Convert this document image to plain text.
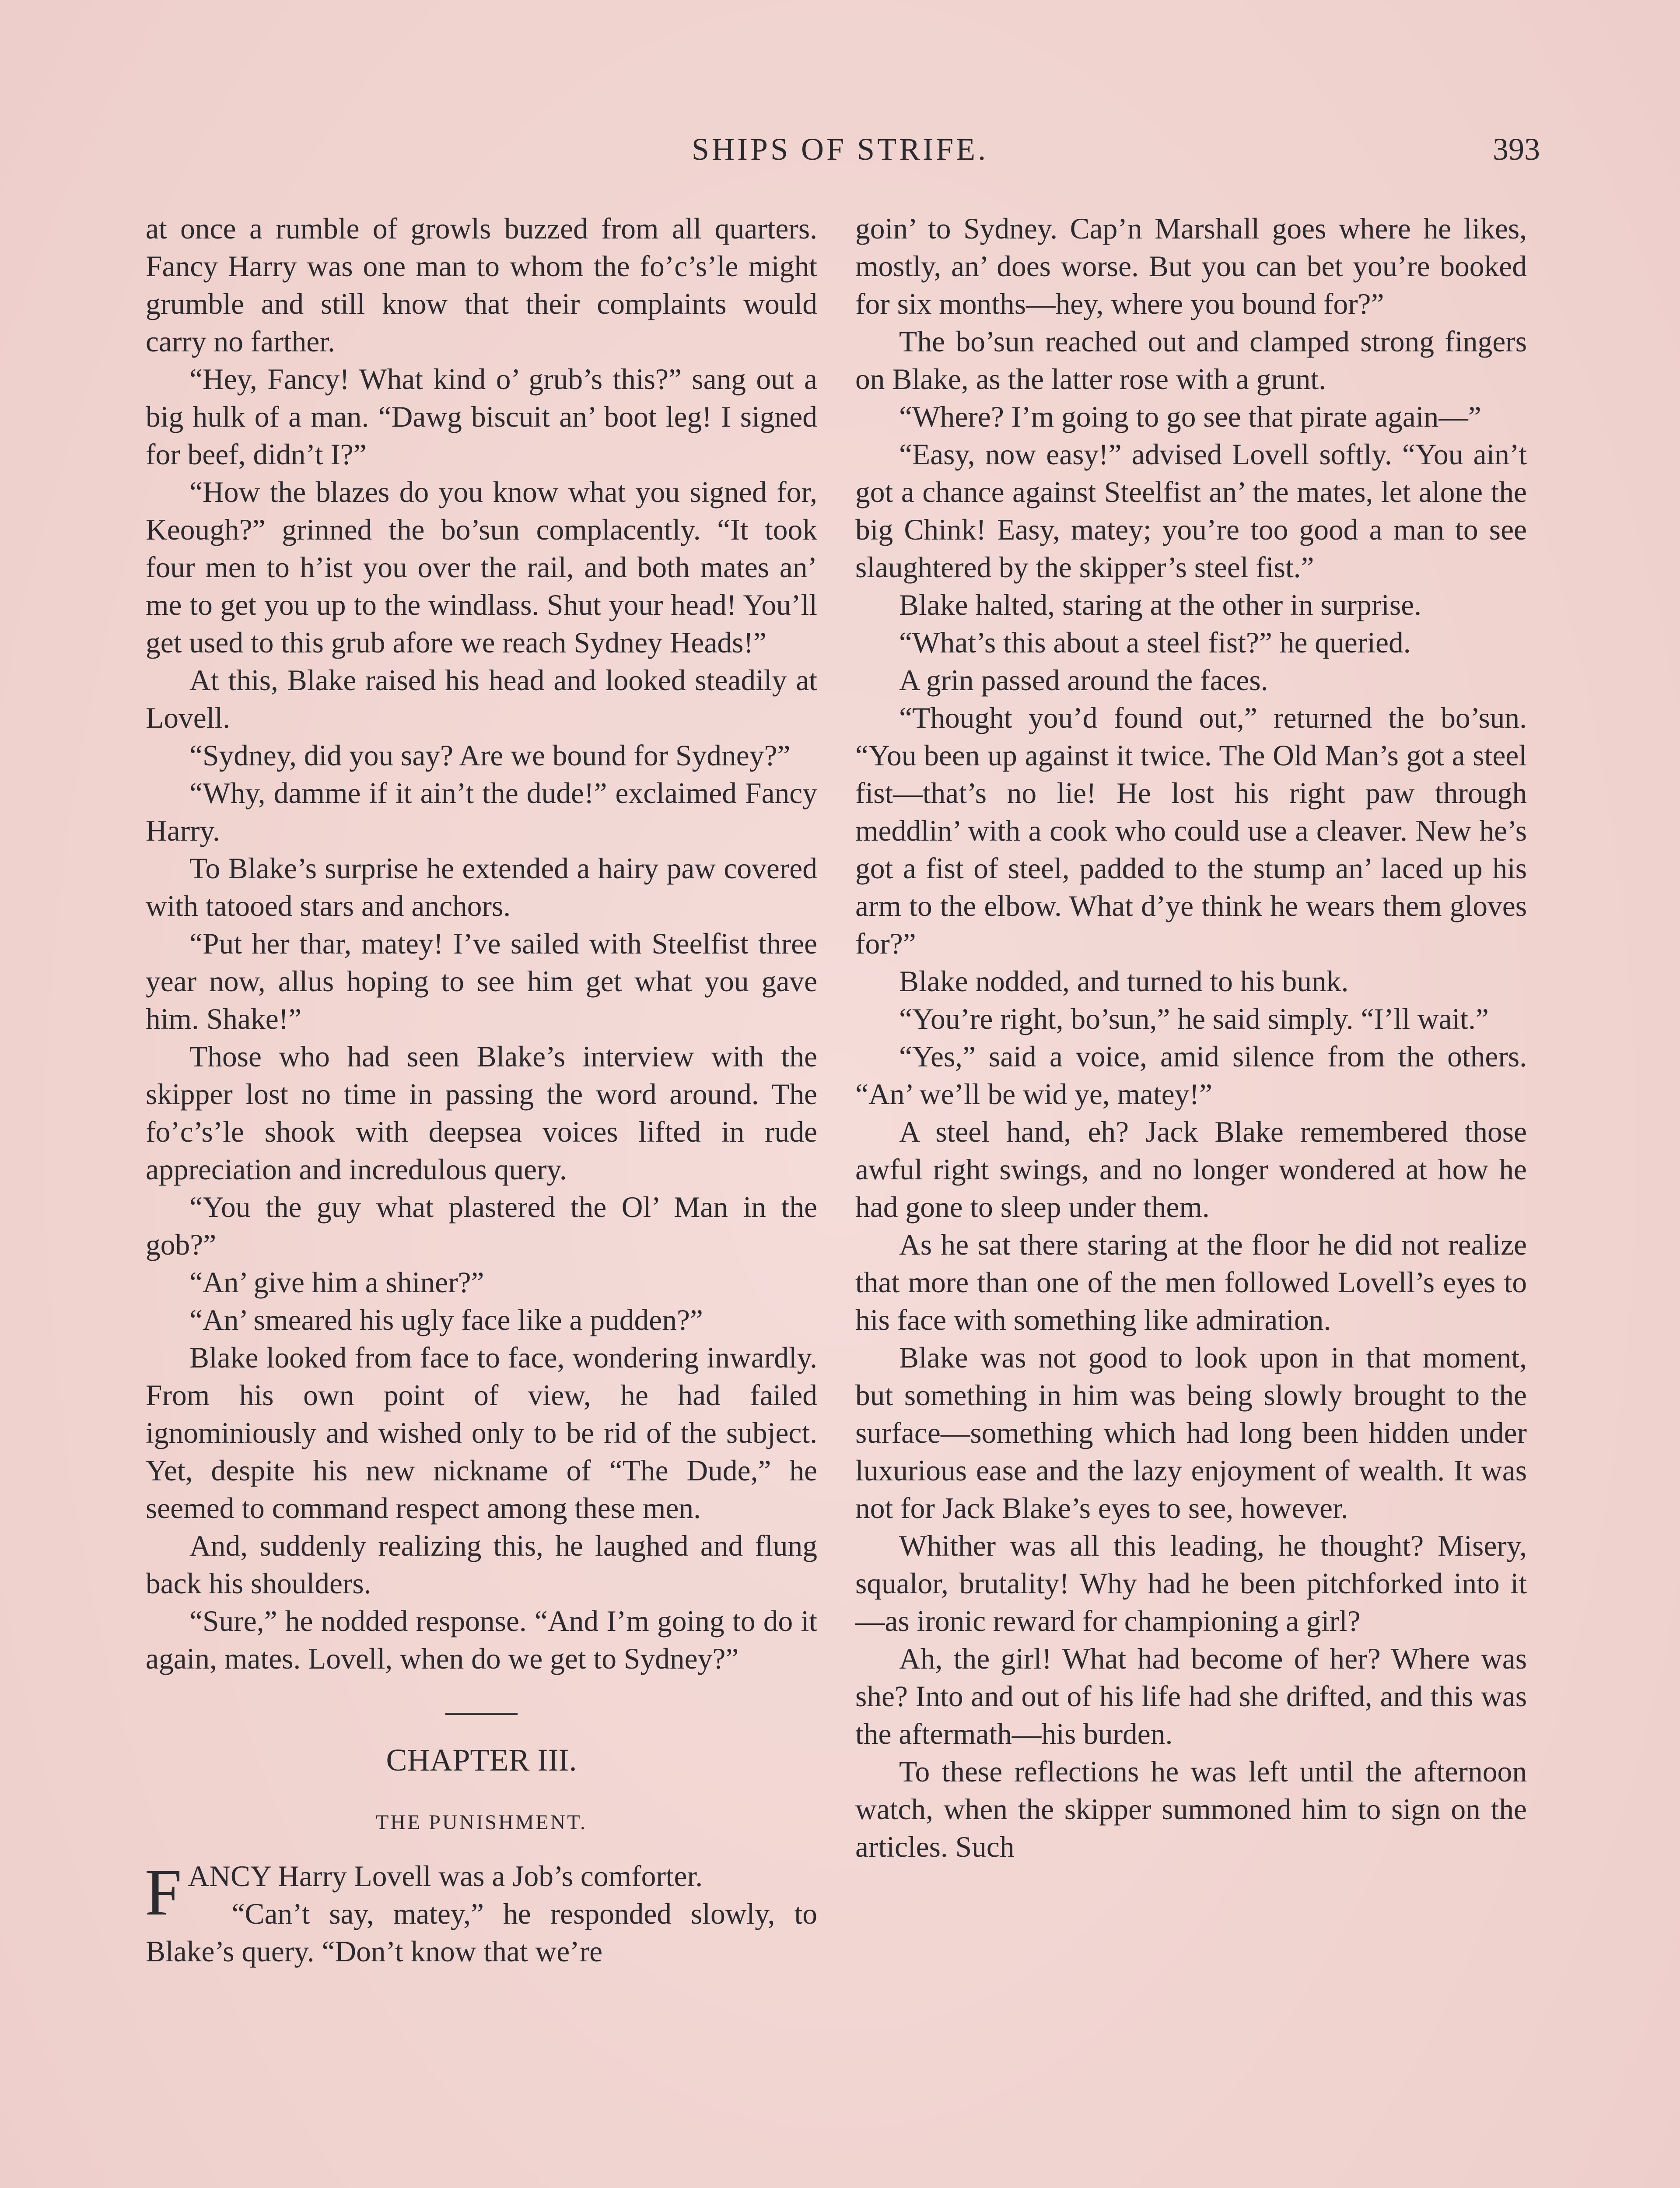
SHIPS OF STRIFE.	393

at once a rumble of growls buzzed from all quarters. Fancy Harry was one man to whom the fo’c’s’le might grumble and still know that their complaints would carry no farther.

“Hey, Fancy! What kind o’ grub’s this?” sang out a big hulk of a man. “Dawg biscuit an’ boot leg! I signed for beef, didn’t I?”

“How the blazes do you know what you signed for, Keough?” grinned the bo’sun complacently. “It took four men to h’ist you over the rail, and both mates an’ me to get you up to the windlass. Shut your head! You’ll get used to this grub afore we reach Sydney Heads!”

At this, Blake raised his head and looked steadily at Lovell.

“Sydney, did you say? Are we bound for Sydney?”

“Why, damme if it ain’t the dude!” exclaimed Fancy Harry.

To Blake’s surprise he extended a hairy paw covered with tatooed stars and anchors.

“Put her thar, matey! I’ve sailed with Steelfist three year now, allus hoping to see him get what you gave him. Shake!”

Those who had seen Blake’s interview with the skipper lost no time in passing the word around. The fo’c’s’le shook with deepsea voices lifted in rude appreciation and incredulous query.

“You the guy what plastered the Ol’ Man in the gob?”

“An’ give him a shiner?”

“An’ smeared his ugly face like a pudden?”

Blake looked from face to face, wondering inwardly. From his own point of view, he had failed ignominiously and wished only to be rid of the subject. Yet, despite his new nickname of “The Dude,” he seemed to command respect among these men.

And, suddenly realizing this, he laughed and flung back his shoulders.

“Sure,” he nodded response. “And I’m going to do it again, mates. Lovell, when do we get to Sydney?”

CHAPTER III.
THE PUNISHMENT.

FANCY Harry Lovell was a Job’s comforter.

“Can’t say, matey,” he responded slowly, to Blake’s query. “Don’t know that we’re

goin’ to Sydney. Cap’n Marshall goes where he likes, mostly, an’ does worse. But you can bet you’re booked for six months—hey, where you bound for?”

The bo’sun reached out and clamped strong fingers on Blake, as the latter rose with a grunt.

“Where? I’m going to go see that pirate again—”

“Easy, now easy!” advised Lovell softly. “You ain’t got a chance against Steelfist an’ the mates, let alone the big Chink! Easy, matey; you’re too good a man to see slaughtered by the skipper’s steel fist.”

Blake halted, staring at the other in surprise.

“What’s this about a steel fist?” he queried.

A grin passed around the faces.

“Thought you’d found out,” returned the bo’sun. “You been up against it twice. The Old Man’s got a steel fist—that’s no lie! He lost his right paw through meddlin’ with a cook who could use a cleaver. New he’s got a fist of steel, padded to the stump an’ laced up his arm to the elbow. What d’ye think he wears them gloves for?”

Blake nodded, and turned to his bunk.

“You’re right, bo’sun,” he said simply. “I’ll wait.”

“Yes,” said a voice, amid silence from the others. “An’ we’ll be wid ye, matey!”

A steel hand, eh? Jack Blake remembered those awful right swings, and no longer wondered at how he had gone to sleep under them.

As he sat there staring at the floor he did not realize that more than one of the men followed Lovell’s eyes to his face with something like admiration.

Blake was not good to look upon in that moment, but something in him was being slowly brought to the surface—something which had long been hidden under luxurious ease and the lazy enjoyment of wealth. It was not for Jack Blake’s eyes to see, however.

Whither was all this leading, he thought? Misery, squalor, brutality! Why had he been pitchforked into it—as ironic reward for championing a girl?

Ah, the girl! What had become of her? Where was she? Into and out of his life had she drifted, and this was the aftermath—his burden.

To these reflections he was left until the afternoon watch, when the skipper summoned him to sign on the articles. Such
